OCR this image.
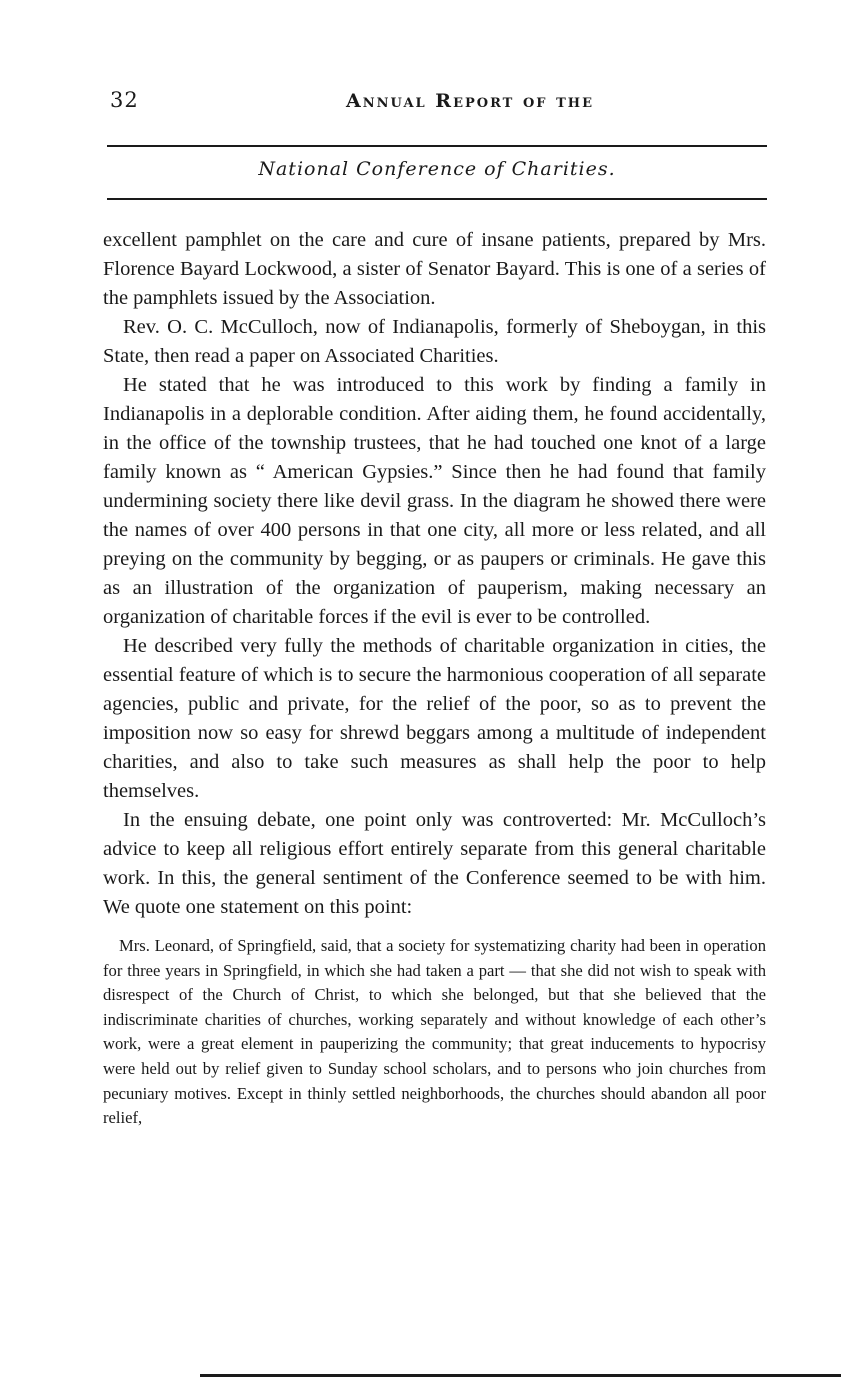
32	Annual Report of the
National Conference of Charities.

excellent pamphlet on the care and cure of insane patients, prepared by Mrs. Florence Bayard Lockwood, a sister of Senator Bayard. This is one of a series of the pamphlets issued by the Association.

Rev. O. C. McCulloch, now of Indianapolis, formerly of Sheboygan, in this State, then read a paper on Associated Charities.

He stated that he was introduced to this work by finding a family in Indianapolis in a deplorable condition. After aiding them, he found accidentally, in the office of the township trustees, that he had touched one knot of a large family known as “ American Gypsies.” Since then he had found that family undermining society there like devil grass. In the diagram he showed there were the names of over 400 persons in that one city, all more or less related, and all preying on the community by begging, or as paupers or criminals. He gave this as an illustration of the organization of pauperism, making necessary an organization of charitable forces if the evil is ever to be controlled.

He described very fully the methods of charitable organization in cities, the essential feature of which is to secure the harmonious cooperation of all separate agencies, public and private, for the relief of the poor, so as to prevent the imposition now so easy for shrewd beggars among a multitude of independent charities, and also to take such measures as shall help the poor to help themselves.

In the ensuing debate, one point only was controverted: Mr. McCulloch’s advice to keep all religious effort entirely separate from this general charitable work. In this, the general sentiment of the Conference seemed to be with him. We quote one statement on this point:

Mrs. Leonard, of Springfield, said, that a society for systematizing charity had been in operation for three years in Springfield, in which she had taken a part — that she did not wish to speak with disrespect of the Church of Christ, to which she belonged, but that she believed that the indiscriminate charities of churches, working separately and without knowledge of each other’s work, were a great element in pauperizing the community; that great inducements to hypocrisy were held out by relief given to Sunday school scholars, and to persons who join churches from pecuniary motives. Except in thinly settled neighborhoods, the churches should abandon all poor relief,
